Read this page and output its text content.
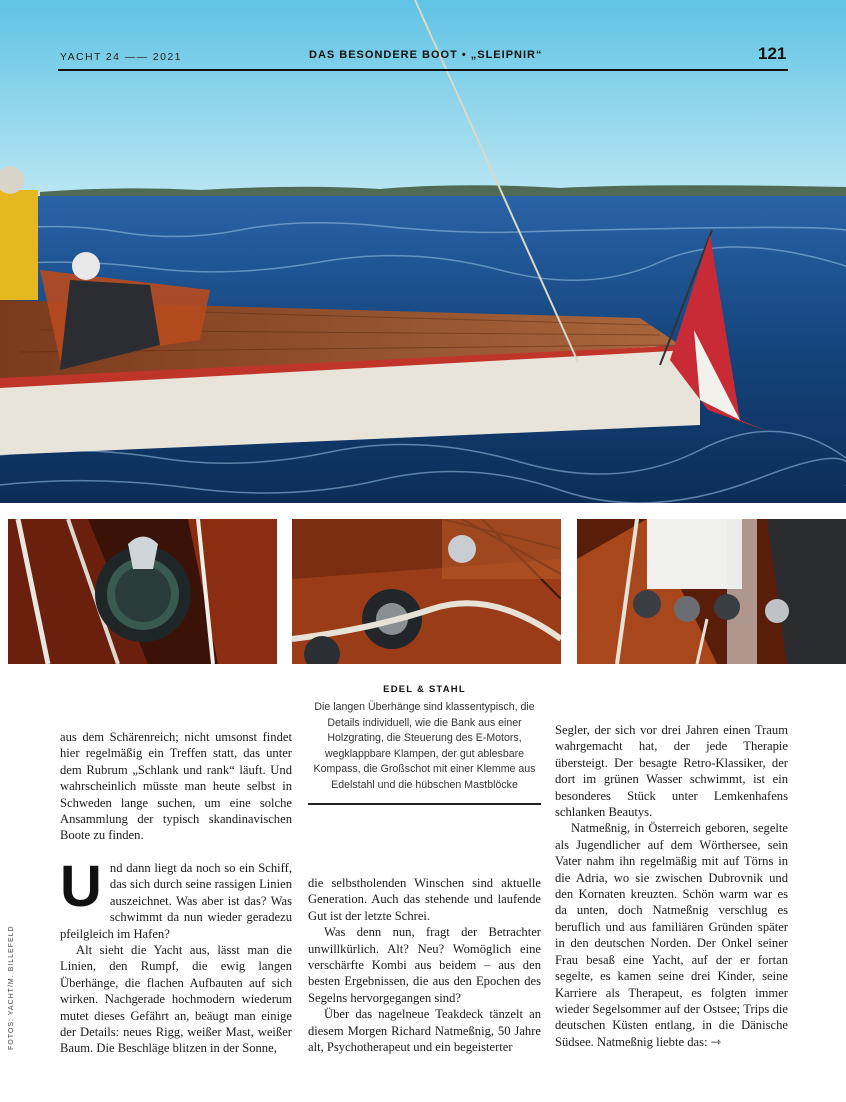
YACHT 24 —— 2021	DAS BESONDERE BOOT • „SLEIPNIR“	121
EDEL & STAHL
Die langen Überhänge sind klassentypisch, die Details individuell, wie die Bank aus einer Holzgrating, die Steuerung des E-Motors, wegklappbare Klampen, der gut ablesbare Kompass, die Großschot mit einer Klemme aus Edelstahl und die hübschen Mastblöcke

aus dem Schärenreich; nicht umsonst findet hier regelmäßig ein Treffen statt, das unter dem Rubrum „Schlank und rank“ läuft. Und wahrscheinlich müsste man heute selbst in Schweden lange suchen, um eine solche Ansammlung der typisch skandinavischen Boote zu finden.

Und dann liegt da noch so ein Schiff, das sich durch seine rassigen Linien auszeichnet. Was aber ist das? Was schwimmt da nun wieder geradezu pfeilgleich im Hafen?

Alt sieht die Yacht aus, lässt man die Linien, den Rumpf, die ewig langen Überhänge, die flachen Aufbauten auf sich wirken. Nachgerade hochmodern wiederum mutet dieses Gefährt an, beäugt man einige der Details: neues Rigg, weißer Mast, weißer Baum. Die Beschläge blitzen in der Sonne,

die selbstholenden Winschen sind aktuelle Generation. Auch das stehende und laufende Gut ist der letzte Schrei.

Was denn nun, fragt der Betrachter unwillkürlich. Alt? Neu? Womöglich eine verschärfte Kombi aus beidem – aus den besten Ergebnissen, die aus den Epochen des Segelns hervorgegangen sind?

Über das nagelneue Teakdeck tänzelt an diesem Morgen Richard Natmeßnig, 50 Jahre alt, Psychotherapeut und ein begeisterter

Segler, der sich vor drei Jahren einen Traum wahrgemacht hat, der jede Therapie übersteigt. Der besagte Retro-Klassiker, der dort im grünen Wasser schwimmt, ist ein besonderes Stück unter Lemkenhafens schlanken Beautys.

Natmeßnig, in Österreich geboren, segelte als Jugendlicher auf dem Wörthersee, sein Vater nahm ihn regelmäßig mit auf Törns in die Adria, wo sie zwischen Dubrovnik und den Kornaten kreuzten. Schön warm war es da unten, doch Natmeßnig verschlug es beruflich und aus familiären Gründen später in den deutschen Norden. Der Onkel seiner Frau besaß eine Yacht, auf der er fortan segelte, es kamen seine drei Kinder, seine Karriere als Therapeut, es folgten immer wieder Segelsommer auf der Ostsee; Trips die deutschen Küsten entlang, in die Dänische Südsee. Natmeßnig liebte das: ⇾

FOTOS: YACHT/M. BILLEFELD
